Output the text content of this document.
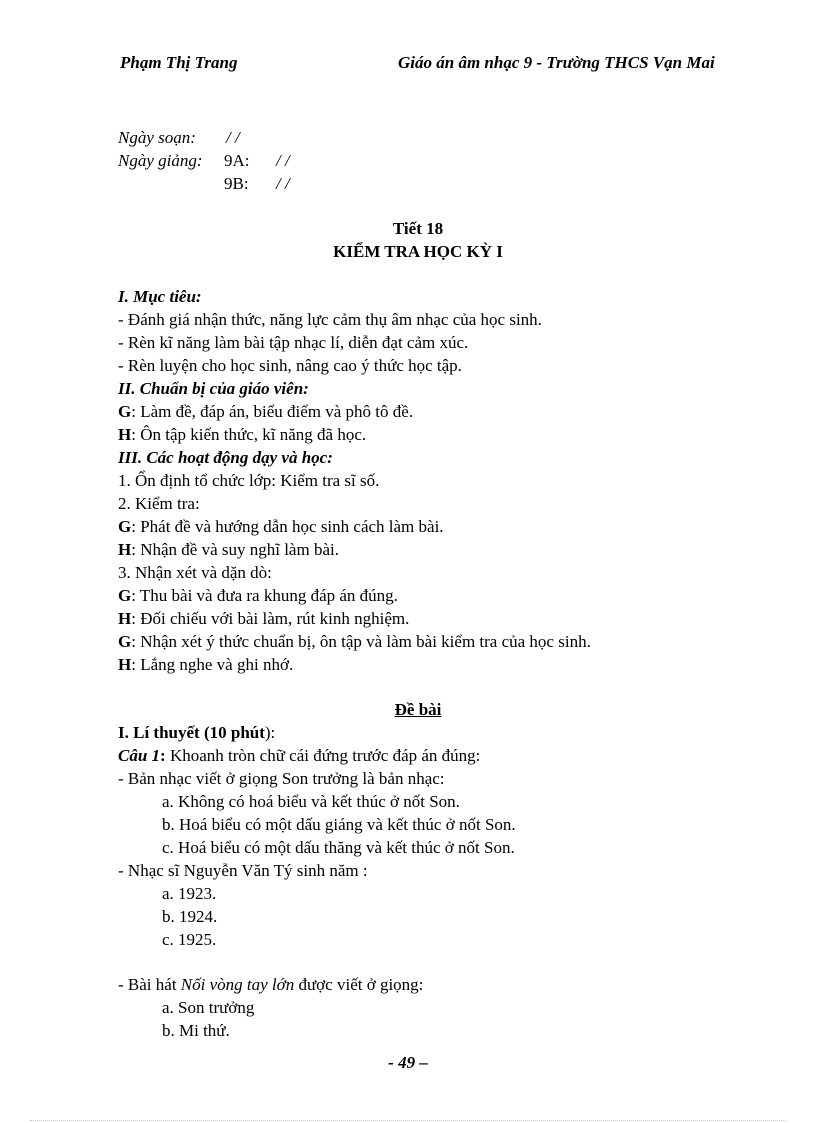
Phạm Thị Trang	Giáo án âm nhạc 9 - Trường THCS Vạn Mai
Ngày soạn: / /
Ngày giảng: 9A: / /
9B: / /
Tiết 18
KIỂM TRA HỌC KỲ I
I. Mục tiêu:
- Đánh giá nhận thức, năng lực cảm thụ âm nhạc của học sinh.
- Rèn kĩ năng làm bài tập nhạc lí, diễn đạt cảm xúc.
- Rèn luyện cho học sinh, nâng cao ý thức học tập.
II. Chuẩn bị của giáo viên:
G: Làm đề, đáp án, biểu điểm và phô tô đề.
H: Ôn tập kiến thức, kĩ năng đã học.
III. Các hoạt động dạy và học:
1. Ổn định tổ chức lớp: Kiểm tra sĩ số.
2. Kiểm tra:
G: Phát đề và hướng dẫn học sinh cách làm bài.
H: Nhận đề và suy nghĩ làm bài.
3. Nhận xét và dặn dò:
G: Thu bài và đưa ra khung đáp án đúng.
H: Đối chiếu với bài làm, rút kinh nghiệm.
G: Nhận xét ý thức chuẩn bị, ôn tập và làm bài kiểm tra của học sinh.
H: Lắng nghe và ghi nhớ.
Đề bài
I. Lí thuyết (10 phút):
Câu 1: Khoanh tròn chữ cái đứng trước đáp án đúng:
- Bản nhạc viết ở giọng Son trưởng là bản nhạc:
a. Không có hoá biểu và kết thúc ở nốt Son.
b. Hoá biểu có một dấu giáng và kết thúc ở nốt Son.
c. Hoá biểu có một dấu thăng và kết thúc ở nốt Son.
- Nhạc sĩ Nguyễn Văn Tý sinh năm :
a. 1923.
b. 1924.
c. 1925.
- Bài hát Nối vòng tay lớn được viết ở giọng:
a. Son trưởng
b. Mi thứ.
- 49 –
